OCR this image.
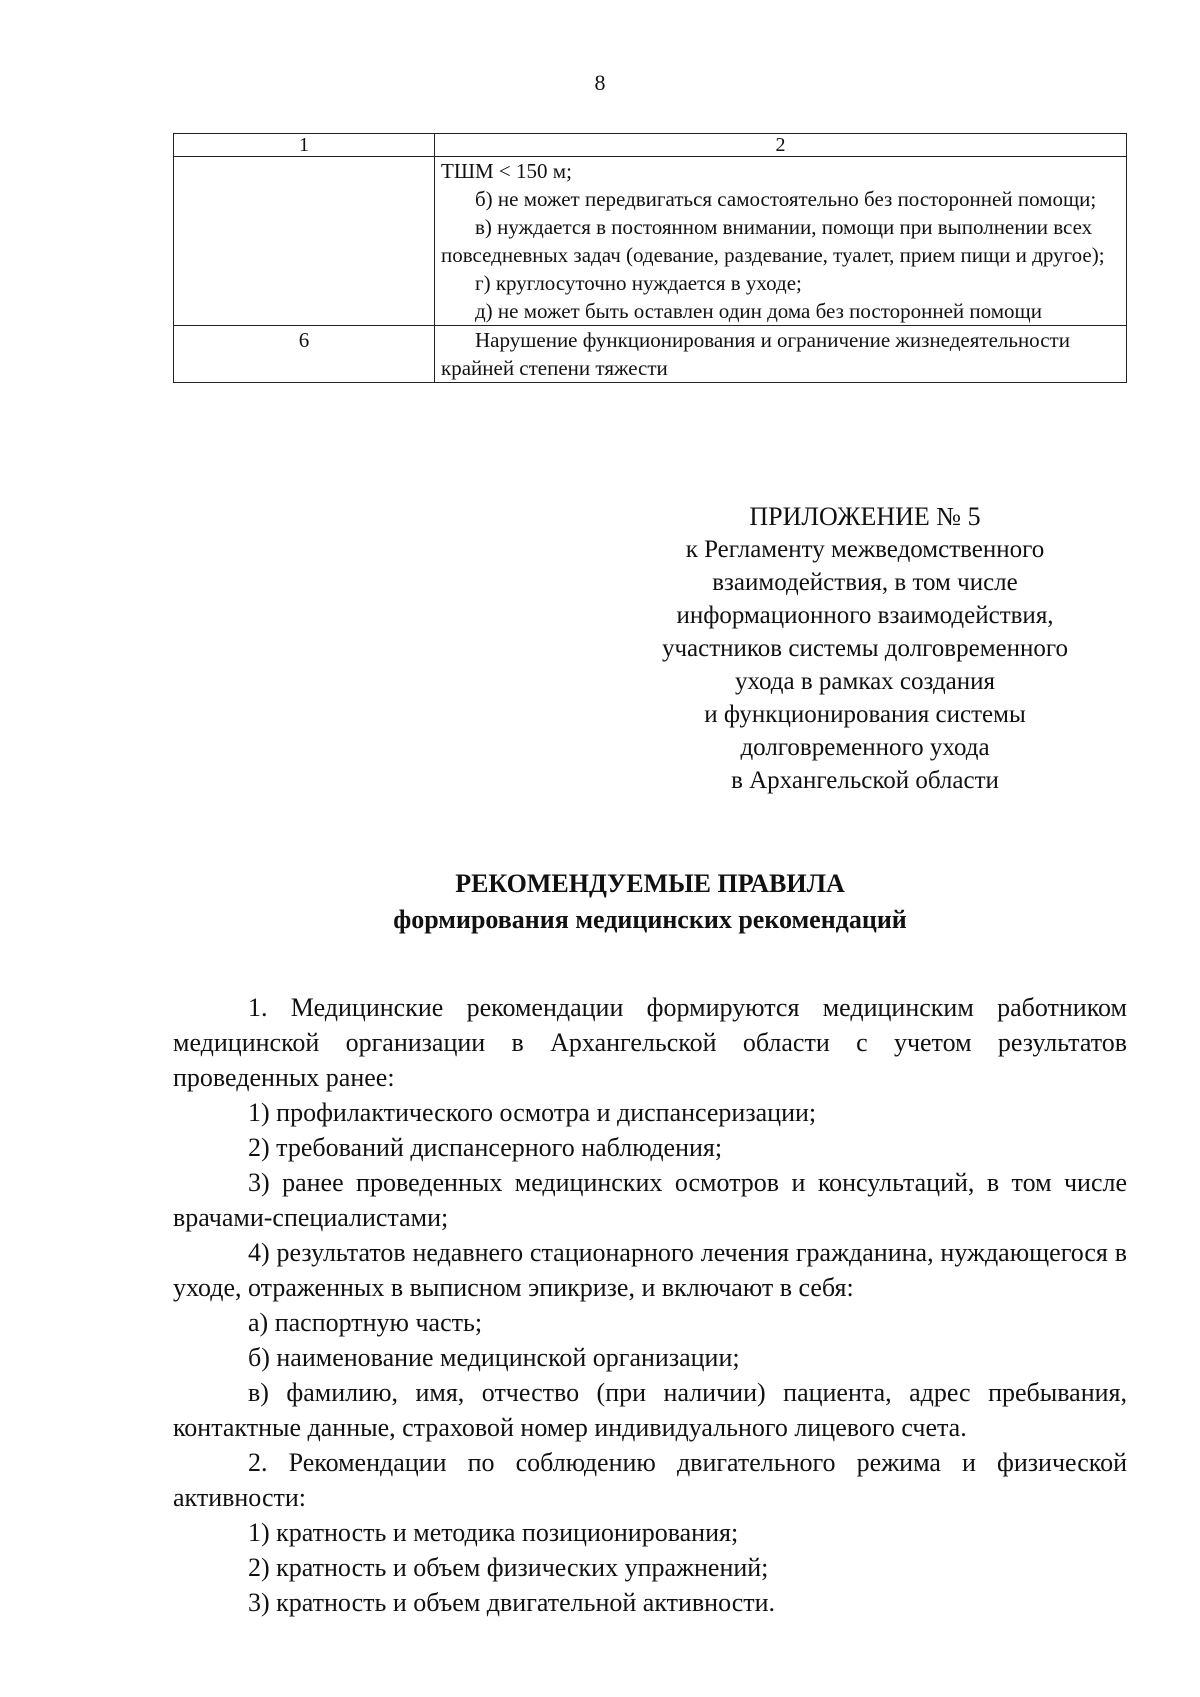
8
1	2

	ТШМ < 150 м;

б) не может передвигаться самостоятельно без посторонней помощи;

в) нуждается в постоянном внимании, помощи при выполнении всех повседневных задач (одевание, раздевание, туалет, прием пищи и другое);

г) круглосуточно нуждается в уходе;

д) не может быть оставлен один дома без посторонней помощи

6	Нарушение функционирования и ограничение жизнедеятельности крайней степени тяжести

ПРИЛОЖЕНИЕ № 5
к Регламенту межведомственного
взаимодействия, в том числе
информационного взаимодействия,
участников системы долговременного
ухода в рамках создания
и функционирования системы
долговременного ухода
в Архангельской области
РЕКОМЕНДУЕМЫЕ ПРАВИЛА
формирования медицинских рекомендаций

1. Медицинские рекомендации формируются медицинским работником медицинской организации в Архангельской области с учетом результатов проведенных ранее:

1) профилактического осмотра и диспансеризации;

2) требований диспансерного наблюдения;

3) ранее проведенных медицинских осмотров и консультаций, в том числе врачами-специалистами;

4) результатов недавнего стационарного лечения гражданина, нуждающегося в уходе, отраженных в выписном эпикризе, и включают в себя:

а) паспортную часть;

б) наименование медицинской организации;

в) фамилию, имя, отчество (при наличии) пациента, адрес пребывания, контактные данные, страховой номер индивидуального лицевого счета.

2. Рекомендации по соблюдению двигательного режима и физической активности:

1) кратность и методика позиционирования;

2) кратность и объем физических упражнений;

3) кратность и объем двигательной активности.
